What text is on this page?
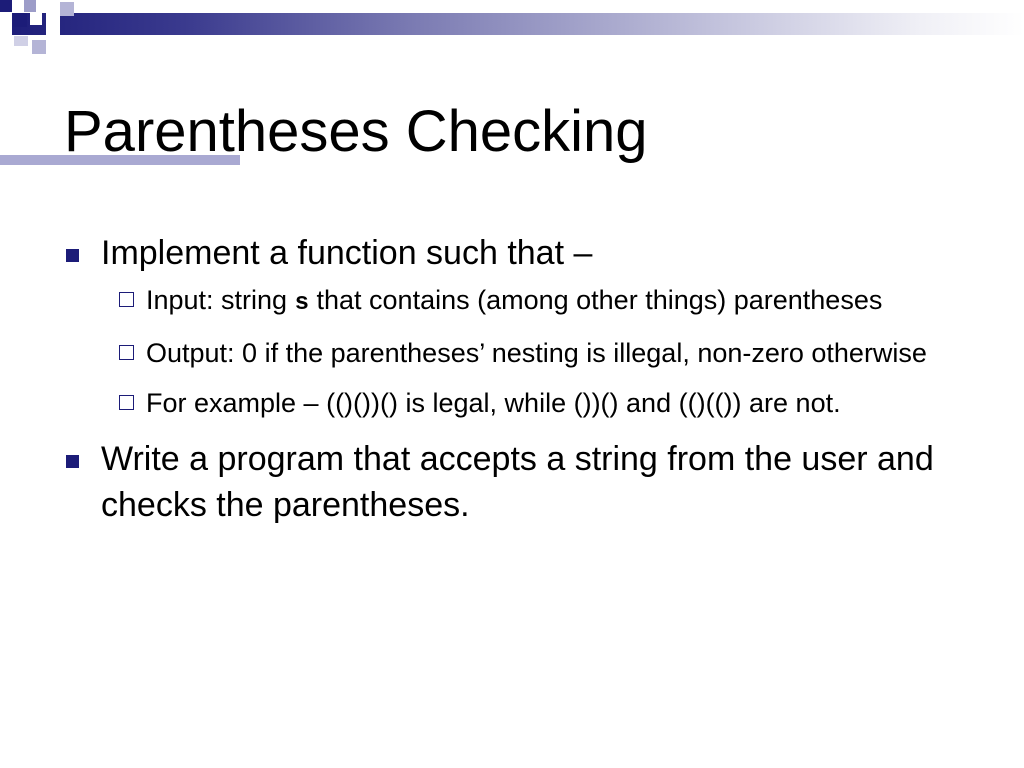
Parentheses Checking
Implement a function such that –
Input: string s that contains (among other things) parentheses
Output: 0 if the parentheses’ nesting is illegal, non-zero otherwise
For example – (()())() is legal, while ())() and (()(()) are not.
Write a program that accepts a string from the user and checks the parentheses.
